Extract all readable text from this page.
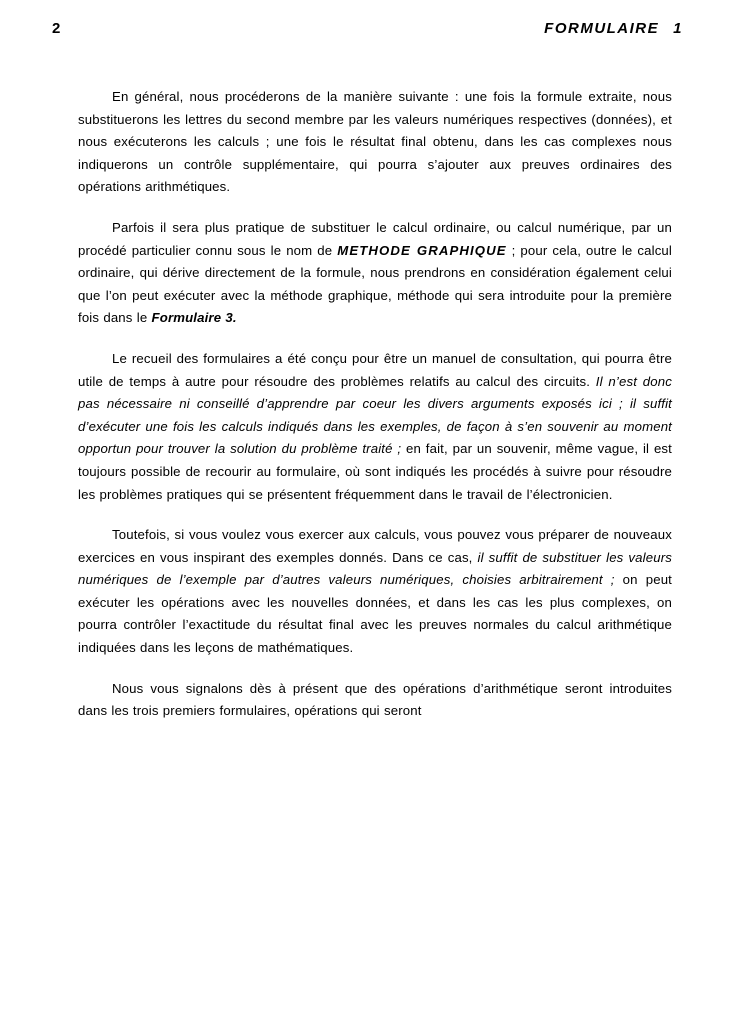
2	FORMULAIRE 1

En général, nous procéderons de la manière suivante : une fois la formule extraite, nous substituerons les lettres du second membre par les valeurs numériques respectives (données), et nous exécuterons les calculs ; une fois le résultat final obtenu, dans les cas complexes nous indiquerons un contrôle supplémentaire, qui pourra s’ajouter aux preuves ordinaires des opérations arithmétiques.

Parfois il sera plus pratique de substituer le calcul ordinaire, ou calcul numérique, par un procédé particulier connu sous le nom de METHODE GRAPHIQUE ; pour cela, outre le calcul ordinaire, qui dérive directement de la formule, nous prendrons en considération également celui que l’on peut exécuter avec la méthode graphique, méthode qui sera introduite pour la première fois dans le Formulaire 3.

Le recueil des formulaires a été conçu pour être un manuel de consultation, qui pourra être utile de temps à autre pour résoudre des problèmes relatifs au calcul des circuits. Il n’est donc pas nécessaire ni conseillé d’apprendre par coeur les divers arguments exposés ici ; il suffit d’exécuter une fois les calculs indiqués dans les exemples, de façon à s’en souvenir au moment opportun pour trouver la solution du problème traité ; en fait, par un souvenir, même vague, il est toujours possible de recourir au formulaire, où sont indiqués les procédés à suivre pour résoudre les problèmes pratiques qui se présentent fréquemment dans le travail de l’électronicien.

Toutefois, si vous voulez vous exercer aux calculs, vous pouvez vous préparer de nouveaux exercices en vous inspirant des exemples donnés. Dans ce cas, il suffit de substituer les valeurs numériques de l’exemple par d’autres valeurs numériques, choisies arbitrairement ; on peut exécuter les opérations avec les nouvelles données, et dans les cas les plus complexes, on pourra contrôler l’exactitude du résultat final avec les preuves normales du calcul arithmétique indiquées dans les leçons de mathématiques.

Nous vous signalons dès à présent que des opérations d’arithmétique seront introduites dans les trois premiers formulaires, opérations qui seront
